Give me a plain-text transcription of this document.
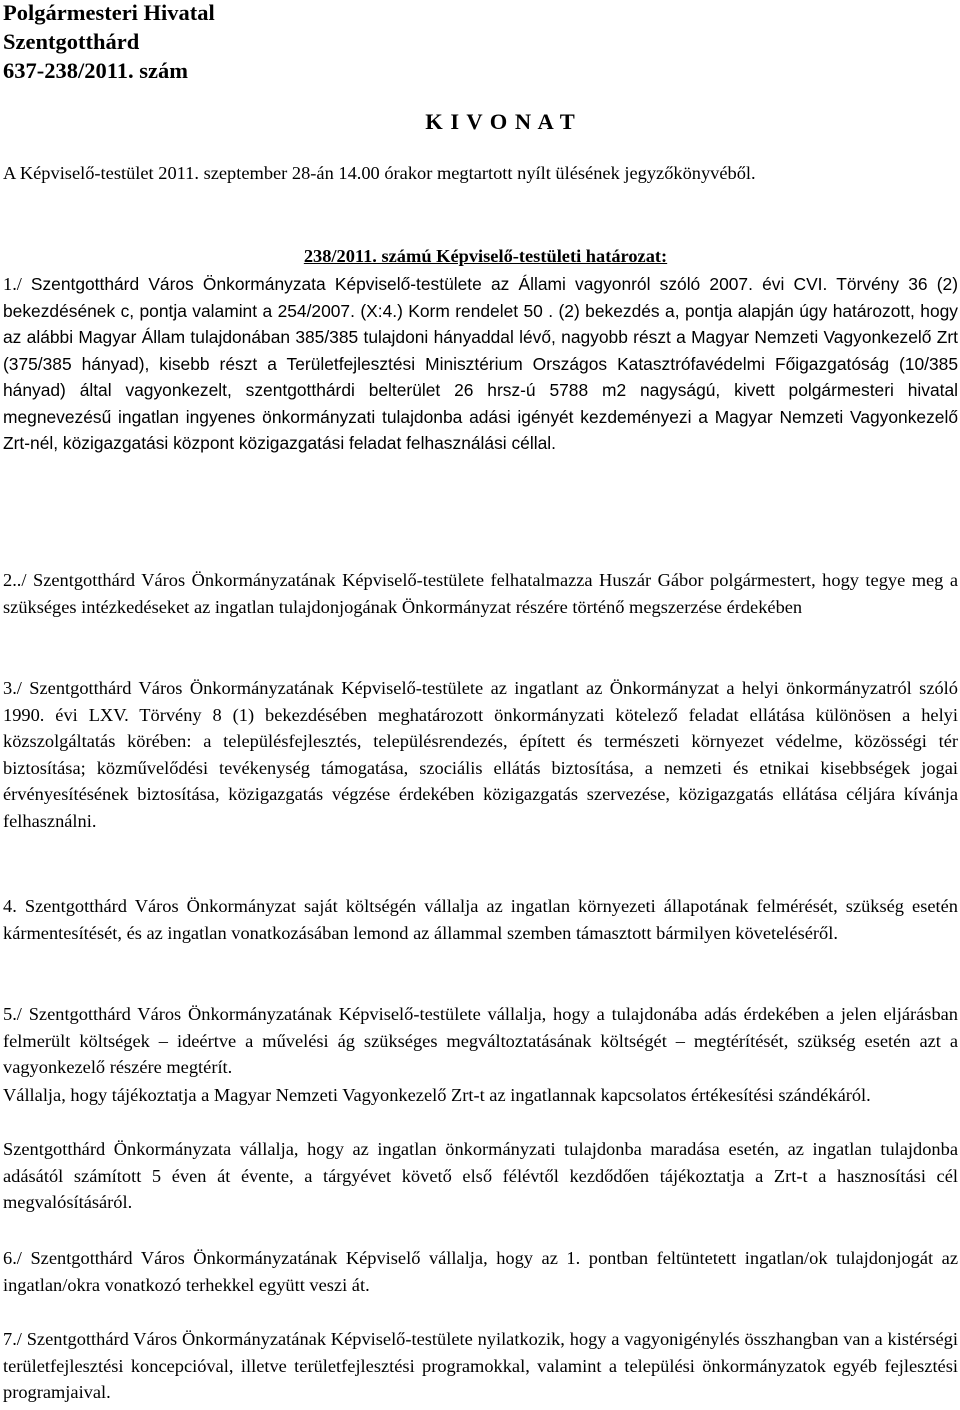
Polgármesteri Hivatal
Szentgotthárd
637-238/2011. szám
K I V O N A T

A Képviselő-testület 2011. szeptember 28-án 14.00 órakor megtartott nyílt ülésének jegyzőkönyvéből.

238/2011. számú Képviselő-testületi határozat:

1./ Szentgotthárd Város Önkormányzata Képviselő-testülete az Állami vagyonról szóló 2007. évi CVI. Törvény 36 (2) bekezdésének c, pontja valamint a 254/2007. (X:4.) Korm rendelet 50 . (2) bekezdés a, pontja alapján úgy határozott, hogy az alábbi Magyar Állam tulajdonában 385/385 tulajdoni hányaddal lévő, nagyobb részt a Magyar Nemzeti Vagyonkezelő Zrt (375/385 hányad), kisebb részt a Területfejlesztési Minisztérium Országos Katasztrófavédelmi Főigazgatóság (10/385 hányad) által vagyonkezelt, szentgotthárdi belterület 26 hrsz-ú 5788 m2 nagyságú, kivett polgármesteri hivatal megnevezésű ingatlan ingyenes önkormányzati tulajdonba adási igényét kezdeményezi a Magyar Nemzeti Vagyonkezelő Zrt-nél, közigazgatási központ közigazgatási feladat felhasználási céllal.

2../ Szentgotthárd Város Önkormányzatának Képviselő-testülete felhatalmazza Huszár Gábor polgármestert, hogy tegye meg a szükséges intézkedéseket az ingatlan tulajdonjogának Önkormányzat részére történő megszerzése érdekében

3./ Szentgotthárd Város Önkormányzatának Képviselő-testülete az ingatlant az Önkormányzat a helyi önkormányzatról szóló 1990. évi LXV. Törvény 8 (1) bekezdésében meghatározott önkormányzati kötelező feladat ellátása különösen a helyi közszolgáltatás körében: a településfejlesztés, településrendezés, épített és természeti környezet védelme, közösségi tér biztosítása; közművelődési tevékenység támogatása, szociális ellátás biztosítása, a nemzeti és etnikai kisebbségek jogai érvényesítésének biztosítása, közigazgatás végzése érdekében közigazgatás szervezése, közigazgatás ellátása céljára kívánja felhasználni.

4. Szentgotthárd Város Önkormányzat saját költségén vállalja az ingatlan környezeti állapotának felmérését, szükség esetén kármentesítését, és az ingatlan vonatkozásában lemond az állammal szemben támasztott bármilyen követeléséről.

5./ Szentgotthárd Város Önkormányzatának Képviselő-testülete vállalja, hogy a tulajdonába adás érdekében a jelen eljárásban felmerült költségek – ideértve a művelési ág szükséges megváltoztatásának költségét – megtérítését, szükség esetén azt a vagyonkezelő részére megtérít.

Vállalja, hogy tájékoztatja a Magyar Nemzeti Vagyonkezelő Zrt-t az ingatlannak kapcsolatos értékesítési szándékáról.

Szentgotthárd Önkormányzata vállalja, hogy az ingatlan önkormányzati tulajdonba maradása esetén, az ingatlan tulajdonba adásától számított 5 éven át évente, a tárgyévet követő első félévtől kezdődően tájékoztatja a Zrt-t a hasznosítási cél megvalósításáról.

6./ Szentgotthárd Város Önkormányzatának Képviselő vállalja, hogy az 1. pontban feltüntetett ingatlan/ok tulajdonjogát az ingatlan/okra vonatkozó terhekkel együtt veszi át.

7./ Szentgotthárd Város Önkormányzatának Képviselő-testülete nyilatkozik, hogy a vagyonigénylés összhangban van a kistérségi területfejlesztési koncepcióval, illetve területfejlesztési programokkal, valamint a települési önkormányzatok egyéb fejlesztési programjaival.
